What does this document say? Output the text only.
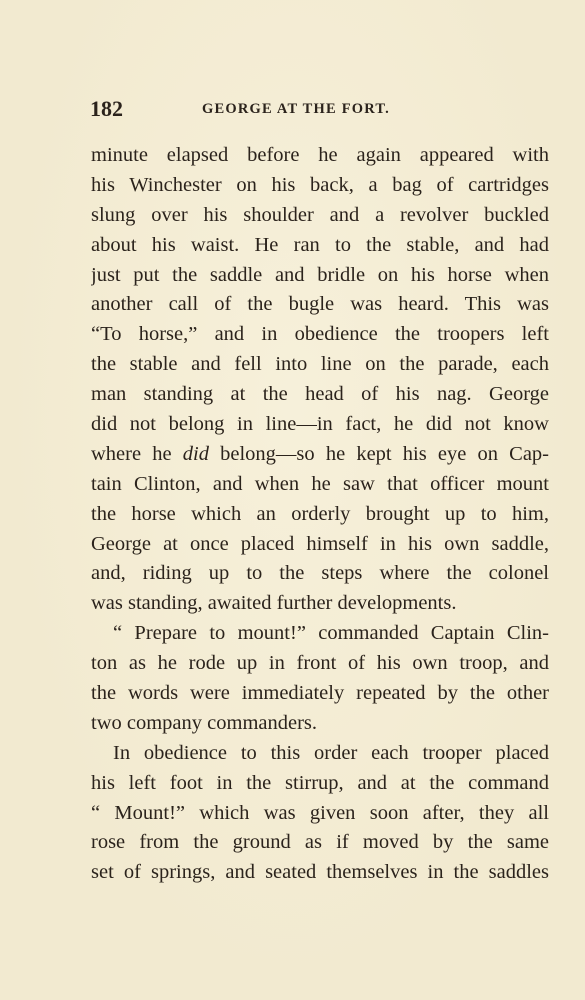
182	GEORGE AT THE FORT.
minute elapsed before he again appeared with
his Winchester on his back, a bag of cartridges
slung over his shoulder and a revolver buckled
about his waist. He ran to the stable, and had
just put the saddle and bridle on his horse when
another call of the bugle was heard. This was
“To horse,” and in obedience the troopers left
the stable and fell into line on the parade, each
man standing at the head of his nag. George
did not belong in line—in fact, he did not know
where he did belong—so he kept his eye on Cap-
tain Clinton, and when he saw that officer mount
the horse which an orderly brought up to him,
George at once placed himself in his own saddle,
and, riding up to the steps where the colonel
was standing, awaited further developments.
“ Prepare to mount!” commanded Captain Clin-
ton as he rode up in front of his own troop, and
the words were immediately repeated by the other
two company commanders.
In obedience to this order each trooper placed
his left foot in the stirrup, and at the command
“ Mount!” which was given soon after, they all
rose from the ground as if moved by the same
set of springs, and seated themselves in the saddles
